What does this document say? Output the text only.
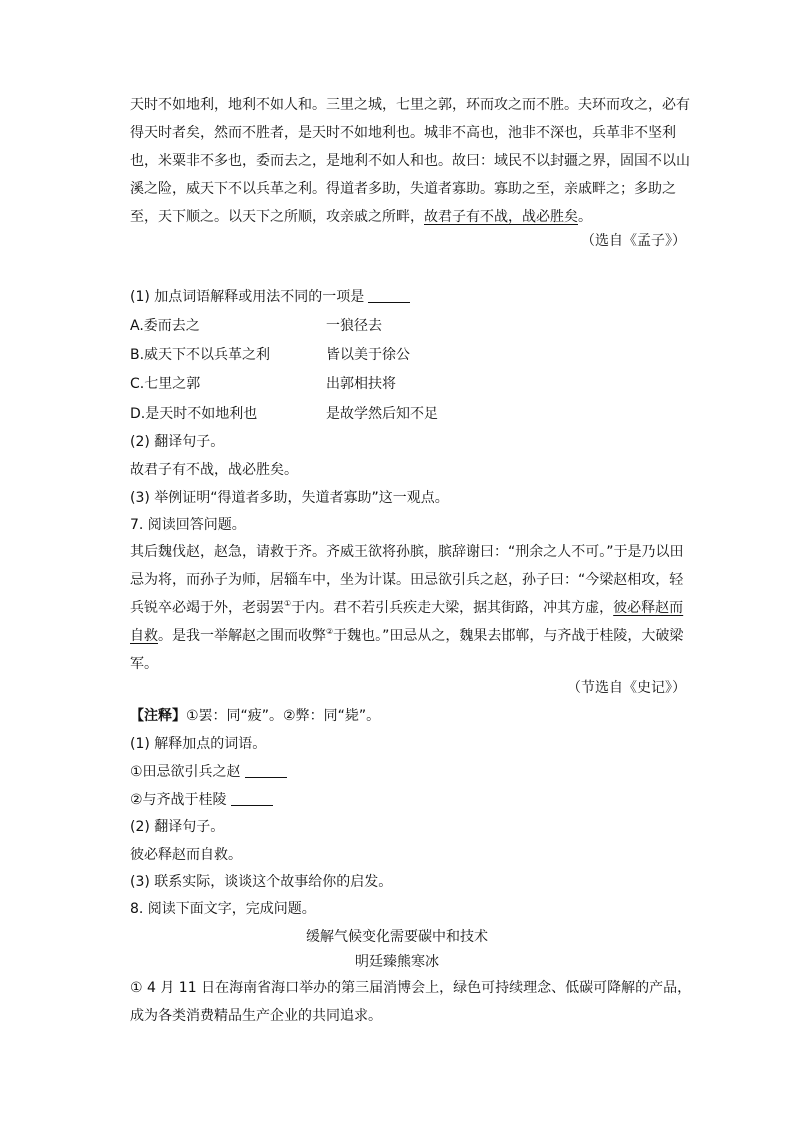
天时不如地利，地利不如人和。三里之城，七里之郭，环而攻之而不胜。夫环而攻之，必有得天时者矣，然而不胜者，是天时不如地利也。城非不高也，池非不深也，兵革非不坚利也，米粟非不多也，委而去之，是地利不如人和也。故曰：域民不以封疆之界，固国不以山溪之险，威天下不以兵革之利。得道者多助，失道者寡助。寡助之至，亲戚畔之；多助之至，天下顺之。以天下之所顺，攻亲戚之所畔，故君子有不战，战必胜矣。

（选自《孟子》）
(1) 加点词语解释或用法不同的一项是
A.委而去之	一狼径去
B.威天下不以兵革之利	皆以美于徐公
C.七里之郭	出郭相扶将
D.是天时不如地利也	是故学然后知不足
(2) 翻译句子。
故君子有不战，战必胜矣。
(3) 举例证明“得道者多助，失道者寡助”这一观点。
7. 阅读回答问题。

其后魏伐赵，赵急，请救于齐。齐威王欲将孙膑，膑辞谢曰：“刑余之人不可。”于是乃以田忌为将，而孙子为师，居辎车中，坐为计谋。田忌欲引兵之赵，孙子曰：“今梁赵相攻，轻兵锐卒必竭于外，老弱罢①于内。君不若引兵疾走大梁，据其街路，冲其方虚，彼必释赵而自救。是我一举解赵之围而收弊②于魏也。”田忌从之，魏果去邯郸，与齐战于桂陵，大破梁军。

（节选自《史记》）
【注释】①罢：同“疲”。②弊：同“毙”。
(1) 解释加点的词语。
①田忌欲引兵之赵
②与齐战于桂陵
(2) 翻译句子。
彼必释赵而自救。
(3) 联系实际，谈谈这个故事给你的启发。
8. 阅读下面文字，完成问题。
缓解气候变化需要碳中和技术
明廷臻熊寒冰

① 4 月 11 日在海南省海口举办的第三届消博会上，绿色可持续理念、低碳可降解的产品，成为各类消费精品生产企业的共同追求。
